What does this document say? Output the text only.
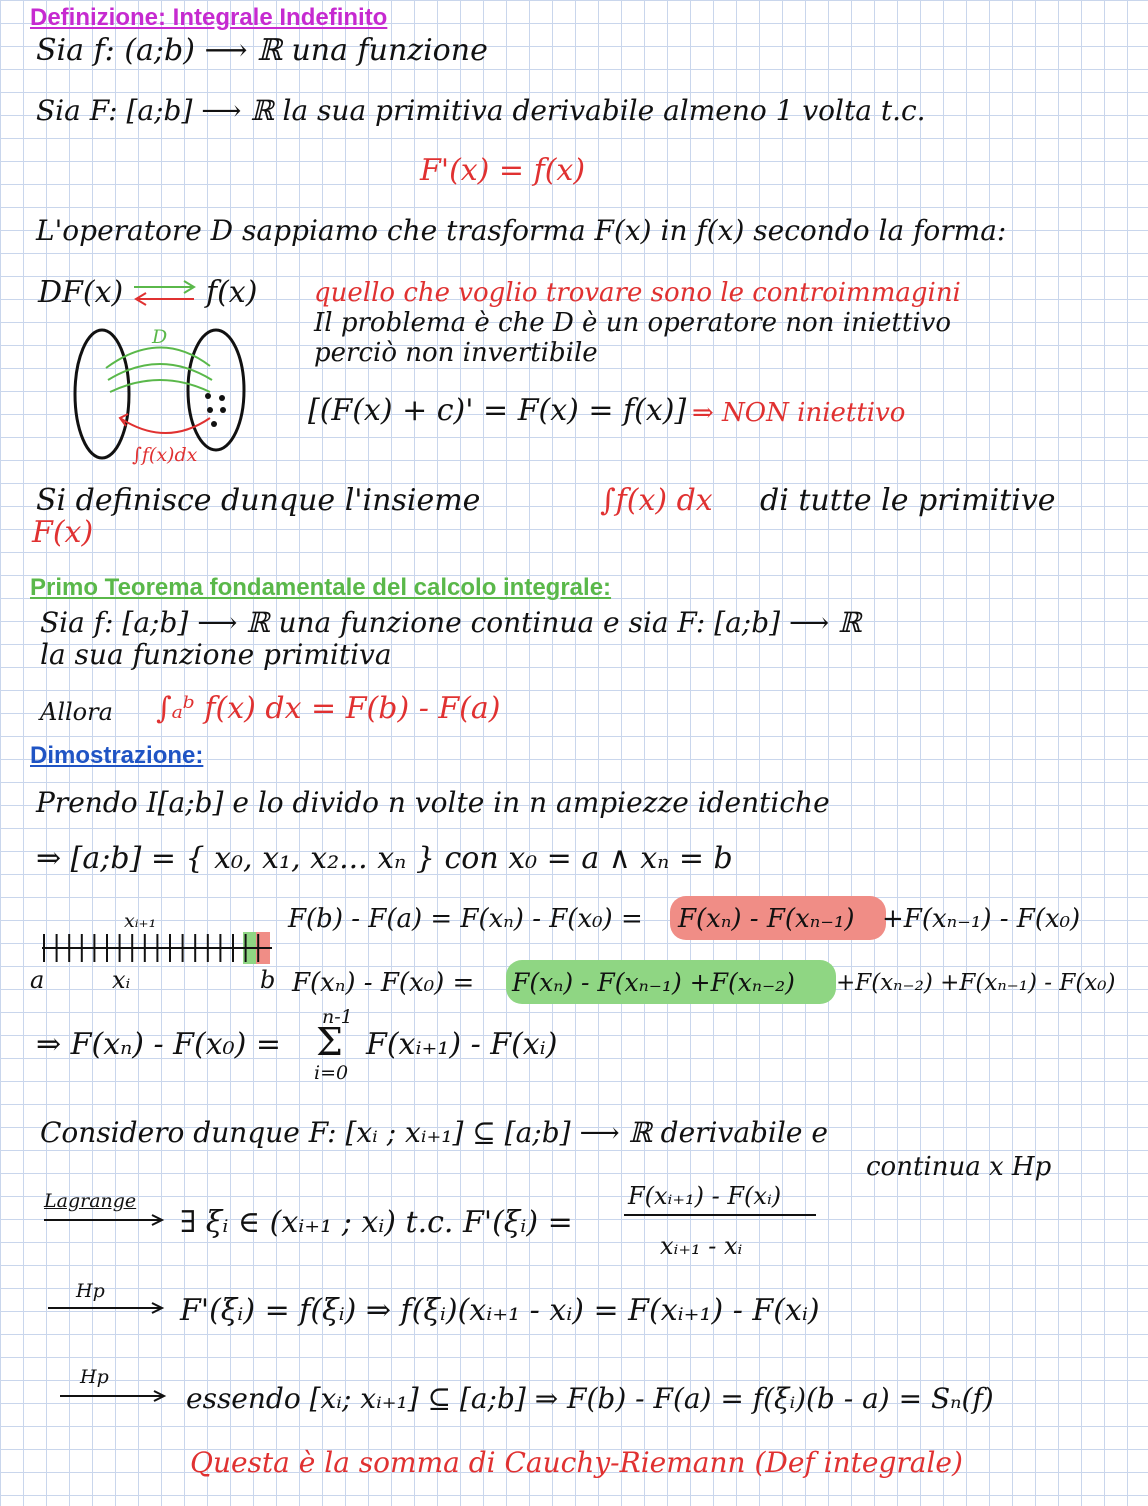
Definizione: Integrale Indefinito
Sia f: (a;b) ⟶ ℝ una funzione
Sia F: [a;b] ⟶ ℝ la sua primitiva derivabile almeno 1 volta t.c.
F'(x) = f(x)
L'operatore D sappiamo che trasforma F(x) in f(x) secondo la forma:
DF(x)	f(x)
D
∫f(x)dx
quello che voglio trovare sono le controimmagini
Il problema è che D è un operatore non iniettivo
perciò non invertibile
[(F(x) + c)' = F(x) = f(x)] ⇒ NON iniettivo
Si definisce dunque l'insieme	∫f(x) dx di tutte le primitive
F(x)
Primo Teorema fondamentale del calcolo integrale:
Sia f: [a;b] ⟶ ℝ una funzione continua e sia F: [a;b] ⟶ ℝ
la sua funzione primitiva
Allora ∫ₐᵇ f(x) dx = F(b) - F(a)
Dimostrazione:
Prendo I[a;b] e lo divido n volte in n ampiezze identiche
⇒ [a;b] = { x₀, x₁, x₂... xₙ } con x₀ = a ∧ xₙ = b
xᵢ₊₁
a	xᵢ	b
F(b) - F(a) = F(xₙ) - F(x₀) = F(xₙ) - F(xₙ₋₁) +F(xₙ₋₁) - F(x₀)
F(xₙ) - F(x₀) = F(xₙ) - F(xₙ₋₁) +F(xₙ₋₂) +F(xₙ₋₂) +F(xₙ₋₁) - F(x₀)
⇒ F(xₙ) - F(x₀) =
n-1
Σ
i=0
F(xᵢ₊₁) - F(xᵢ)
Considero dunque F: [xᵢ ; xᵢ₊₁] ⊆ [a;b] ⟶ ℝ derivabile e
continua x Hp
Lagrange
∃ ξᵢ ∈ (xᵢ₊₁ ; xᵢ) t.c. F'(ξᵢ) =
F(xᵢ₊₁) - F(xᵢ)
xᵢ₊₁ - xᵢ
Hp
F'(ξᵢ) = f(ξᵢ) ⇒ f(ξᵢ)(xᵢ₊₁ - xᵢ) = F(xᵢ₊₁) - F(xᵢ)
Hp
essendo [xᵢ; xᵢ₊₁] ⊆ [a;b] ⇒ F(b) - F(a) = f(ξᵢ)(b - a) = Sₙ(f)
Questa è la somma di Cauchy-Riemann (Def integrale)
